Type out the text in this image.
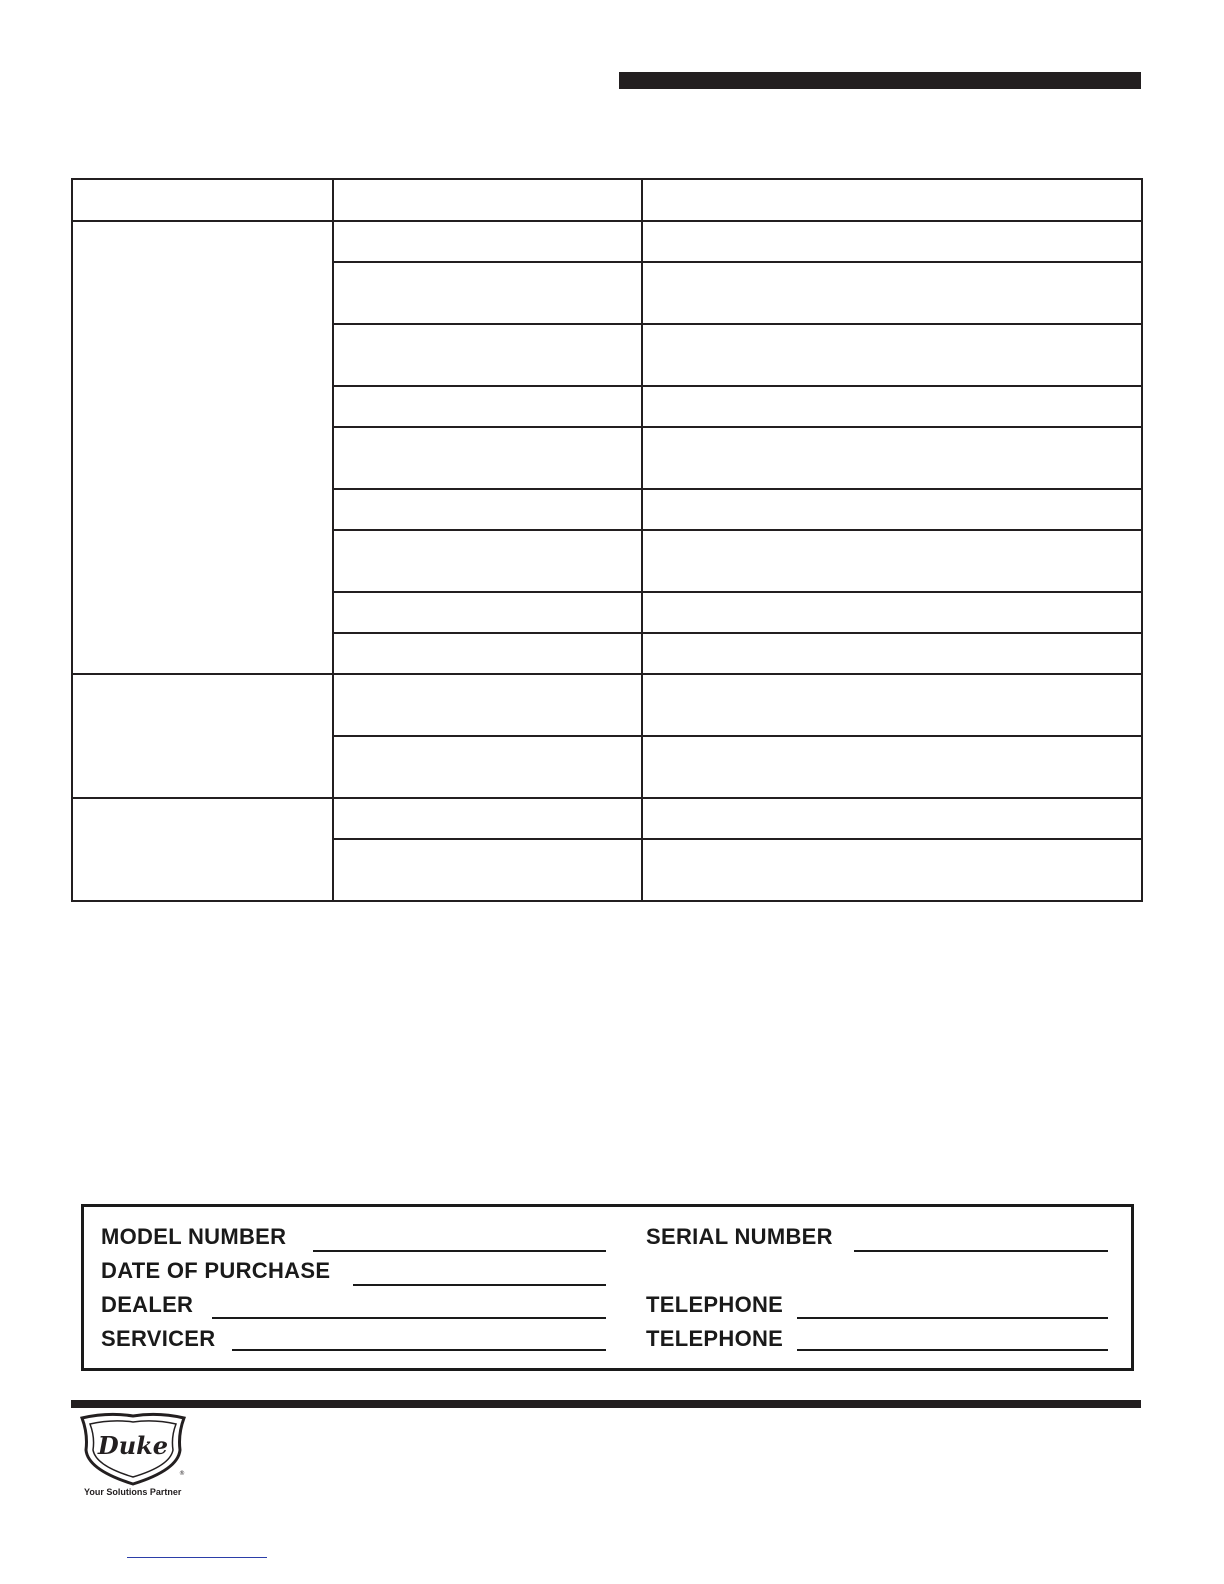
MODEL NUMBER	SERIAL NUMBER
DATE OF PURCHASE
DEALER	TELEPHONE
SERVICER	TELEPHONE
Duke
®
Your Solutions Partner
